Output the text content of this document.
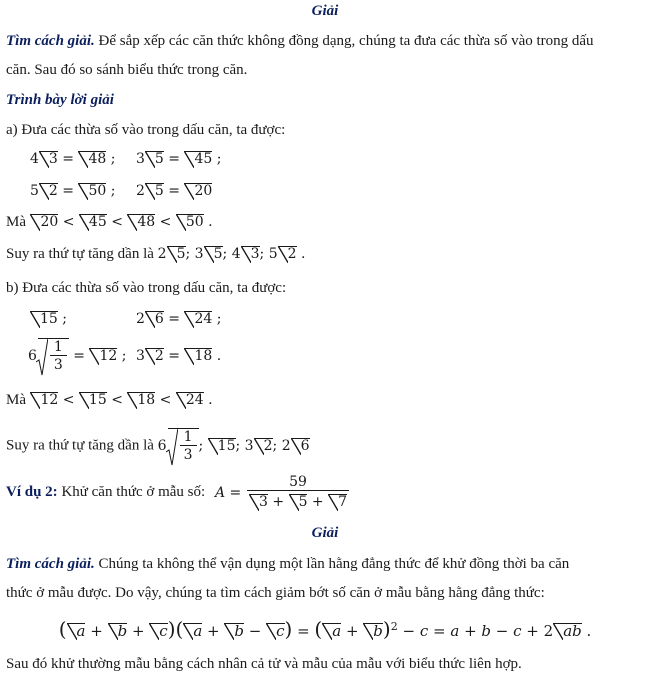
Giải
Tìm cách giải. Để sắp xếp các căn thức không đồng dạng, chúng ta đưa các thừa số vào trong dấu
căn. Sau đó so sánh biểu thức trong căn.
Trình bày lời giải
a) Đưa các thừa số vào trong dấu căn, ta được:
4 3 = 48 ; 3 5 = 45 ;
5 2 = 50 ; 2 5 = 20
Mà 20 < 45 < 48 < 50 .
Suy ra thứ tự tăng dần là 2 5; 3 5; 4 3; 5 2 .
b) Đưa các thừa số vào trong dấu căn, ta được:
15 ;	2 6 = 24 ;
$6 \frac{1}{3} = 12$ ; 3 2 = 18 .
Mà 12 < 15 < 18 < 24 .
Suy ra thứ tự tăng dần là $6 \frac{1}{3}$ ; 15; 3 2; 2 6
Ví dụ 2: Khử căn thức ở mẫu số: $A = \frac{59}{3 + 5 + 7}$
Giải
Tìm cách giải. Chúng ta không thể vận dụng một lần hằng đẳng thức để khử đồng thời ba căn
thức ở mẫu được. Do vậy, chúng ta tìm cách giảm bớt số căn ở mẫu bằng hằng đẳng thức:
( a + b + c)( a + b − c) = ( a + b)$^2$ − c = a + b − c + 2 ab .
Sau đó khử thường mẫu bằng cách nhân cả tử và mẫu của mẫu với biểu thức liên hợp.
